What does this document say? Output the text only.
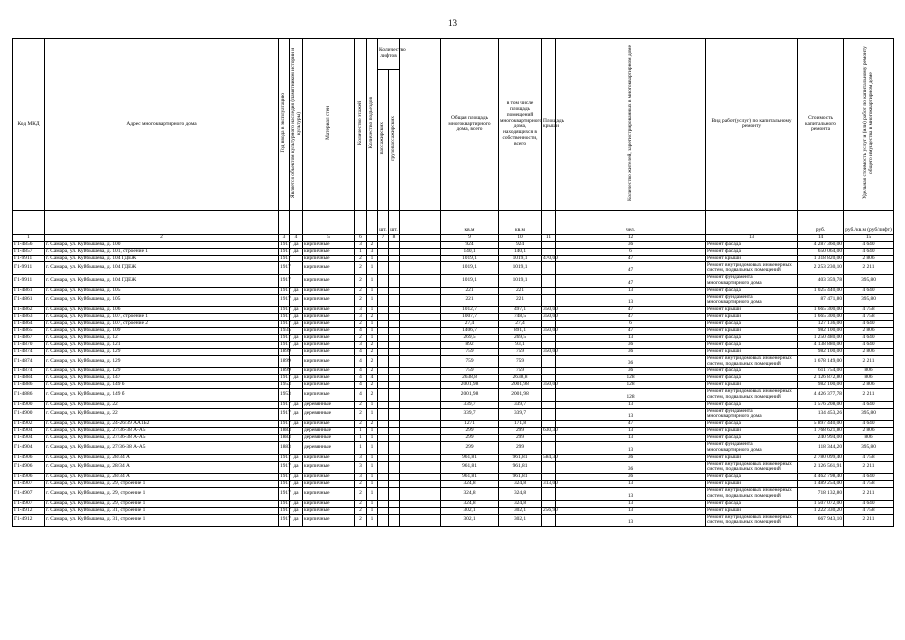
13
Код МКД	Адрес многоквартирного дома	Год ввода в эксплуатацию	Является объектом культурного наследия (памятником истории и культуры)	Материал стен	Количество этажей	Количество подъездов	Количество лифтов			Общая площадь многоквартирного дома, всего	в том числе площадь помещений многоквартирного дома, находящихся в собственности, всего	Площадь крыши	Количество жителей, зарегистрированных в многоквартирном доме	Вид работ(услуг) по капитальному ремонту	Стоимость капитального ремонта	Удельная стоимость услуг и (или) работ по капитальному ремонту общего имущества в многоквартирном доме	
							пассажирских	грузопассажирских									

							шт.	шт.		кв.м	кв.м		чел.		руб.	руб./кв.м (руб/лифт)	
1	2	3	4	5	6		7	8		9	10	11	12	13	14	15	
Г1-4856	г. Самара, ул. Куйбышева, д. 100	1917	да	кирпичные	3	2				924	924		36	Ремонт фасада	4 287 360,00	4 640	
Г1-4857	г. Самара, ул. Куйбышева, д. 101, строение 1	1917	да	кирпичные	1	3				140,1	140,1		6	Ремонт фасада	650 064,00	4 640	
Г1-9911	г. Самара, ул. Куйбышева, д. 104 ГДЕЖ	1917		кирпичные	2	1				1019,1	1019,1	470,00	47	Ремонт крыши	1 318 820,00	2 806	
Г1-9911	г. Самара, ул. Куйбышева, д. 104 ГДЕЖ	1917		кирпичные	2	1				1019,1	1019,1		47	Ремонт внутридомовых инженерных систем, подвальных помещений	2 253 230,10	2 211	
Г1-9911	г. Самара, ул. Куйбышева, д. 104 ГДЕЖ	1917		кирпичные	2	1				1019,1	1019,1		47	Ремонт фундамента многоквартирного дома	403 359,78	395,80	
Г1-4861	г. Самара, ул. Куйбышева, д. 105	1917	да	кирпичные	2	1				221	221		13	Ремонт фасада	1 025 440,00	4 640	
Г1-4861	г. Самара, ул. Куйбышева, д. 105	1917	да	кирпичные	2	1				221	221		13	Ремонт фундамента многоквартирного дома	87 471,80	395,80	
Г1-4862	г. Самара, ул. Куйбышева, д. 106	1917	да	кирпичные	3	1				1012,7	497,1	350,00	47	Ремонт крыши	1 665 300,00	4 758	
Г1-4863	г. Самара, ул. Куйбышева, д. 107, строение 1	1917	да	кирпичные	3	2				1007,7	748,5	350,00	47	Ремонт крыши	1 665 300,00	4 758	
Г1-4864	г. Самара, ул. Куйбышева, д. 107, строение 2	1917	да	кирпичные	2	1				27,4	27,4		6	Ремонт фасада	127 136,00	4 640	
Г1-4865	г. Самара, ул. Куйбышева, д. 109	1935		кирпичные	4	1				1406,7	891,1	350,00	47	Ремонт крыши	982 100,00	2 806	
Г1-4867	г. Самара, ул. Куйбышева, д. 12	1917	да	кирпичные	2	1				269,5	269,5		13	Ремонт фасада	1 250 480,00	4 640	
Г1-4870	г. Самара, ул. Куйбышева, д. 121	1917	да	кирпичные	3	2				892	93,1		36	Ремонт фасада	4 138 880,00	4 640	
Г1-4874	г. Самара, ул. Куйбышева, д. 129	1899		кирпичные	4	2				759	759	350,00	36	Ремонт крыши	982 100,00	2 806	
Г1-4874	г. Самара, ул. Куйбышева, д. 129	1899		кирпичные	4	2				759	759		36	Ремонт внутридомовых инженерных систем, подвальных помещений	1 678 149,00	2 211	
Г1-4874	г. Самара, ул. Куйбышева, д. 129	1899		кирпичные	4	2				759	759		36	Ремонт фасада	611 754,00	806	
Г1-4884	г. Самара, ул. Куйбышева, д. 147	1917	да	кирпичные	4	4				2638,8	2638,8		128	Ремонт фасада	2 126 872,80	806	
Г1-4886	г. Самара, ул. Куйбышева, д. 149 б	1953		кирпичные	4	2				2001,98	2001,98	350,00	128	Ремонт крыши	982 100,00	2 806	
Г1-4886	г. Самара, ул. Куйбышева, д. 149 б	1953		кирпичные	4	2				2001,98	2001,98		128	Ремонт внутридомовых инженерных систем, подвальных помещений	4 426 377,78	2 211	
Г1-4900	г. Самара, ул. Куйбышева, д. 22	1917	да	деревянные	2	1				339,7	339,7		13	Ремонт фасада	1 576 208,00	4 640	
Г1-4900	г. Самара, ул. Куйбышева, д. 22	1917	да	деревянные	2	1				339,7	339,7		13	Ремонт фундамента многоквартирного дома	134 453,26	395,80	
Г1-4902	г. Самара, ул. Куйбышева, д. 24-26/39 АА1Б2	1917	да	кирпичные	2	2				1271	171,8		47	Ремонт фасада	5 897 440,00	4 640	
Г1-4904	г. Самара, ул. Куйбышева, д. 27/36-38 А-А5	1883		деревянные	1	1				299	299	630,30	13	Ремонт крыши	1 768 621,80	2 806	
Г1-4904	г. Самара, ул. Куйбышева, д. 27/36-38 А-А5	1883		деревянные	1	1				299	299		13	Ремонт фасада	240 994,00	806	
Г1-4904	г. Самара, ул. Куйбышева, д. 27/36-38 А-А5	1883		деревянные	1	1				299	299		13	Ремонт фундамента многоквартирного дома	118 344,20	395,80	
Г1-4906	г. Самара, ул. Куйбышева, д. 28/34 А	1917	да	кирпичные	3	1				961,81	961,81	584,30	36	Ремонт крыши	2 780 099,40	4 758	
Г1-4906	г. Самара, ул. Куйбышева, д. 28/34 А	1917	да	кирпичные	3	1				961,81	961,81		36	Ремонт внутридомовых инженерных систем, подвальных помещений	2 126 561,91	2 211	
Г1-4906	г. Самара, ул. Куйбышева, д. 28/34 А	1917	да	кирпичные	3	1				961,81	961,81		36	Ремонт фасада	4 462 798,40	4 640	
Г1-4907	г. Самара, ул. Куйбышева, д. 29, строение 1	1917	да	кирпичные	2	1				324,8	324,8	313,00	13	Ремонт крыши	1 489 254,00	4 758	
Г1-4907	г. Самара, ул. Куйбышева, д. 29, строение 1	1917	да	кирпичные	2	1				324,8	324,8		13	Ремонт внутридомовых инженерных систем, подвальных помещений	718 132,80	2 211	
Г1-4907	г. Самара, ул. Куйбышева, д. 29, строение 1	1917	да	кирпичные	2	1				324,8	324,8		13	Ремонт фасада	1 507 072,00	4 640	
Г1-4912	г. Самара, ул. Куйбышева, д. 31, строение 1	1917	да	кирпичные	2	1				302,1	302,1	256,90	13	Ремонт крыши	1 222 330,20	4 758	
Г1-4912	г. Самара, ул. Куйбышева, д. 31, строение 1	1917	да	кирпичные	2	1				302,1	302,1		13	Ремонт внутридомовых инженерных систем, подвальных помещений	667 943,10	2 211	
